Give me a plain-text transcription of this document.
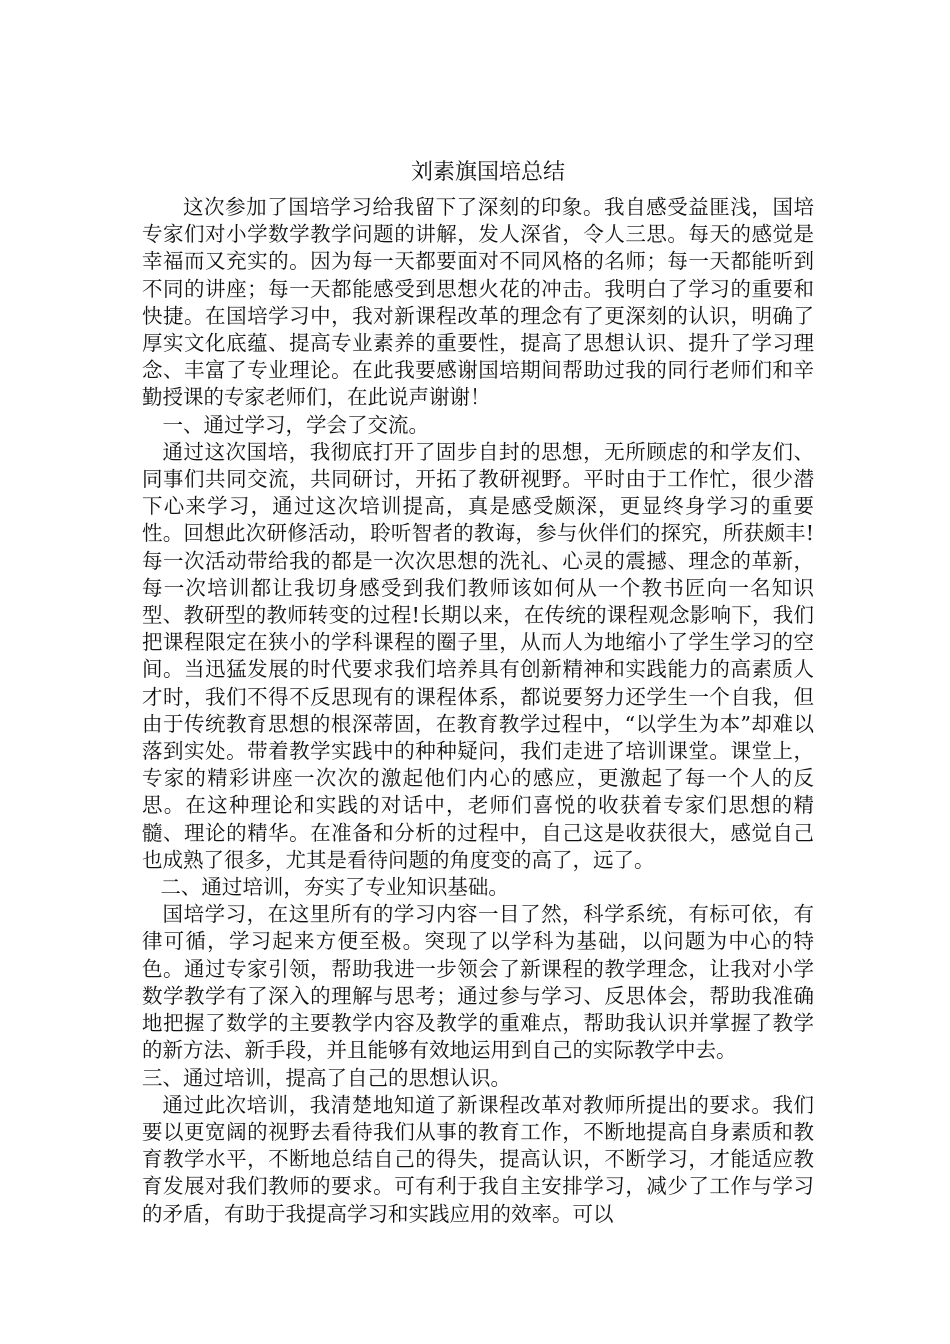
刘素旗国培总结

这次参加了国培学习给我留下了深刻的印象。我自感受益匪浅，国培专家们对小学数学教学问题的讲解，发人深省，令人三思。每天的感觉是幸福而又充实的。因为每一天都要面对不同风格的名师；每一天都能听到不同的讲座；每一天都能感受到思想火花的冲击。我明白了学习的重要和快捷。在国培学习中，我对新课程改革的理念有了更深刻的认识，明确了厚实文化底蕴、提高专业素养的重要性，提高了思想认识、提升了学习理念、丰富了专业理论。在此我要感谢国培期间帮助过我的同行老师们和辛勤授课的专家老师们，在此说声谢谢！

一、通过学习，学会了交流。

通过这次国培，我彻底打开了固步自封的思想，无所顾虑的和学友们、同事们共同交流，共同研讨，开拓了教研视野。平时由于工作忙，很少潜下心来学习，通过这次培训提高，真是感受颇深，更显终身学习的重要性。回想此次研修活动，聆听智者的教诲，参与伙伴们的探究，所获颇丰!每一次活动带给我的都是一次次思想的洗礼、心灵的震撼、理念的革新，每一次培训都让我切身感受到我们教师该如何从一个教书匠向一名知识型、教研型的教师转变的过程!长期以来，在传统的课程观念影响下，我们把课程限定在狭小的学科课程的圈子里，从而人为地缩小了学生学习的空间。当迅猛发展的时代要求我们培养具有创新精神和实践能力的高素质人才时，我们不得不反思现有的课程体系，都说要努力还学生一个自我，但由于传统教育思想的根深蒂固，在教育教学过程中，“以学生为本”却难以落到实处。带着教学实践中的种种疑问，我们走进了培训课堂。课堂上，专家的精彩讲座一次次的激起他们内心的感应，更激起了每一个人的反思。在这种理论和实践的对话中，老师们喜悦的收获着专家们思想的精髓、理论的精华。在准备和分析的过程中，自己这是收获很大，感觉自己也成熟了很多，尤其是看待问题的角度变的高了，远了。

二、通过培训，夯实了专业知识基础。

国培学习，在这里所有的学习内容一目了然，科学系统，有标可依，有律可循，学习起来方便至极。突现了以学科为基础，以问题为中心的特色。通过专家引领，帮助我进一步领会了新课程的教学理念，让我对小学数学教学有了深入的理解与思考；通过参与学习、反思体会，帮助我准确地把握了数学的主要教学内容及教学的重难点，帮助我认识并掌握了教学的新方法、新手段，并且能够有效地运用到自己的实际教学中去。

三、通过培训，提高了自己的思想认识。

通过此次培训，我清楚地知道了新课程改革对教师所提出的要求。我们要以更宽阔的视野去看待我们从事的教育工作，不断地提高自身素质和教育教学水平，不断地总结自己的得失，提高认识，不断学习，才能适应教育发展对我们教师的要求。可有利于我自主安排学习，减少了工作与学习的矛盾，有助于我提高学习和实践应用的效率。可以
